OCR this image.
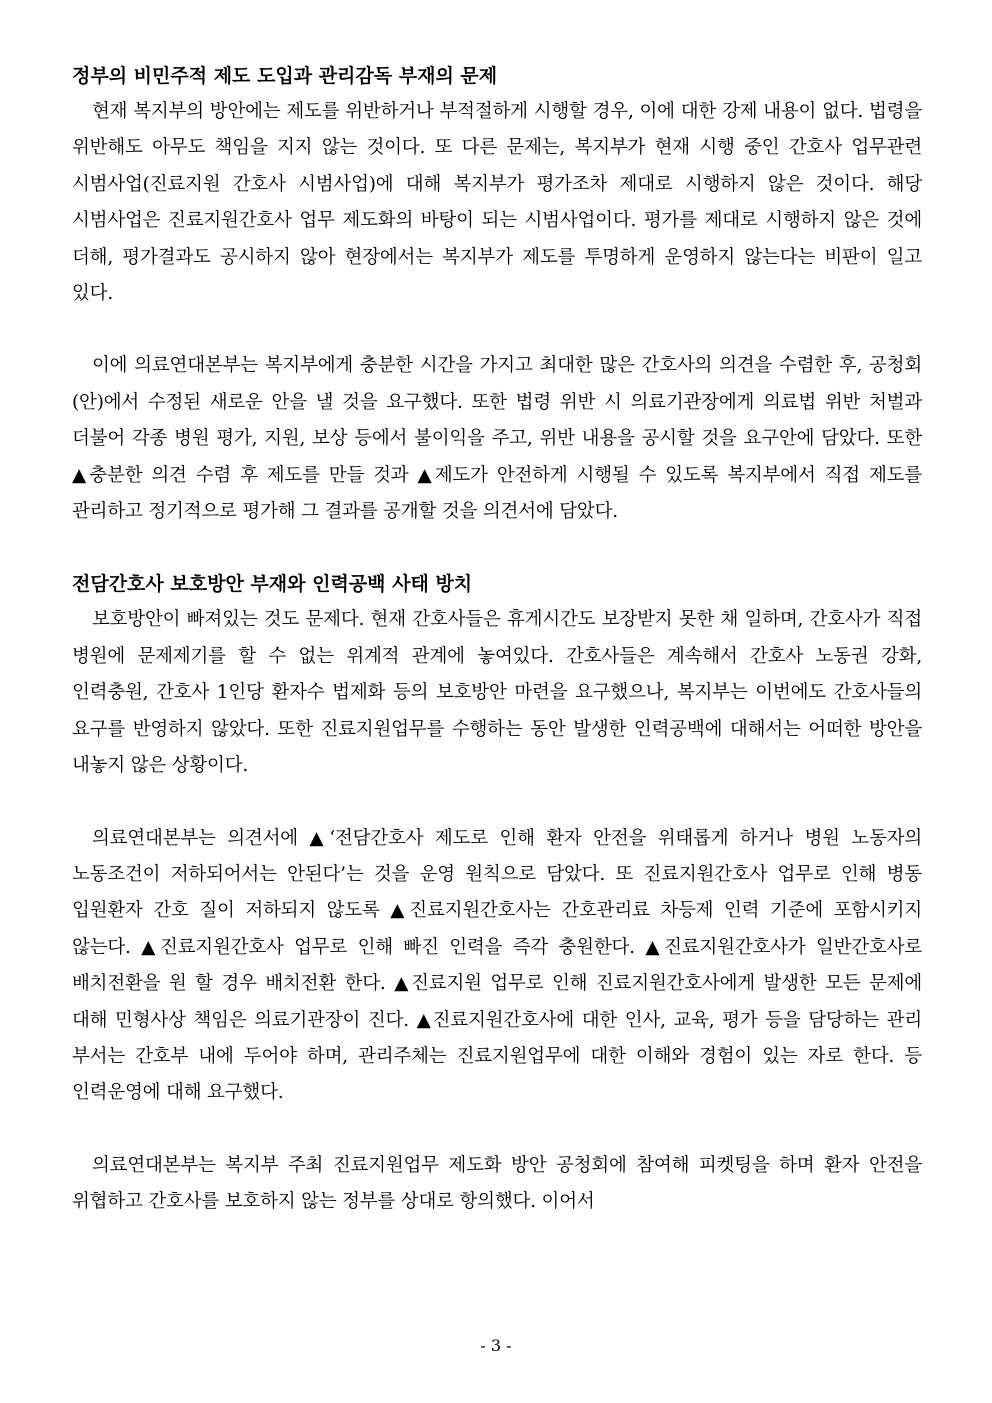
정부의 비민주적 제도 도입과 관리감독 부재의 문제

현재 복지부의 방안에는 제도를 위반하거나 부적절하게 시행할 경우, 이에 대한 강제 내용이 없다. 법령을 위반해도 아무도 책임을 지지 않는 것이다. 또 다른 문제는, 복지부가 현재 시행 중인 간호사 업무관련 시범사업(진료지원 간호사 시범사업)에 대해 복지부가 평가조차 제대로 시행하지 않은 것이다. 해당 시범사업은 진료지원간호사 업무 제도화의 바탕이 되는 시범사업이다. 평가를 제대로 시행하지 않은 것에 더해, 평가결과도 공시하지 않아 현장에서는 복지부가 제도를 투명하게 운영하지 않는다는 비판이 일고 있다.

이에 의료연대본부는 복지부에게 충분한 시간을 가지고 최대한 많은 간호사의 의견을 수렴한 후, 공청회(안)에서 수정된 새로운 안을 낼 것을 요구했다. 또한 법령 위반 시 의료기관장에게 의료법 위반 처벌과 더불어 각종 병원 평가, 지원, 보상 등에서 불이익을 주고, 위반 내용을 공시할 것을 요구안에 담았다. 또한 ▲충분한 의견 수렴 후 제도를 만들 것과 ▲제도가 안전하게 시행될 수 있도록 복지부에서 직접 제도를 관리하고 정기적으로 평가해 그 결과를 공개할 것을 의견서에 담았다.

전담간호사 보호방안 부재와 인력공백 사태 방치

보호방안이 빠져있는 것도 문제다. 현재 간호사들은 휴게시간도 보장받지 못한 채 일하며, 간호사가 직접 병원에 문제제기를 할 수 없는 위계적 관계에 놓여있다. 간호사들은 계속해서 간호사 노동권 강화, 인력충원, 간호사 1인당 환자수 법제화 등의 보호방안 마련을 요구했으나, 복지부는 이번에도 간호사들의 요구를 반영하지 않았다. 또한 진료지원업무를 수행하는 동안 발생한 인력공백에 대해서는 어떠한 방안을 내놓지 않은 상황이다.

의료연대본부는 의견서에 ▲‘전담간호사 제도로 인해 환자 안전을 위태롭게 하거나 병원 노동자의 노동조건이 저하되어서는 안된다’는 것을 운영 원칙으로 담았다. 또 진료지원간호사 업무로 인해 병동 입원환자 간호 질이 저하되지 않도록 ▲진료지원간호사는 간호관리료 차등제 인력 기준에 포함시키지 않는다. ▲진료지원간호사 업무로 인해 빠진 인력을 즉각 충원한다. ▲진료지원간호사가 일반간호사로 배치전환을 원 할 경우 배치전환 한다. ▲진료지원 업무로 인해 진료지원간호사에게 발생한 모든 문제에 대해 민형사상 책임은 의료기관장이 진다. ▲진료지원간호사에 대한 인사, 교육, 평가 등을 담당하는 관리 부서는 간호부 내에 두어야 하며, 관리주체는 진료지원업무에 대한 이해와 경험이 있는 자로 한다. 등 인력운영에 대해 요구했다.

의료연대본부는 복지부 주최 진료지원업무 제도화 방안 공청회에 참여해 피켓팅을 하며 환자 안전을 위협하고 간호사를 보호하지 않는 정부를 상대로 항의했다. 이어서

- 3 -
